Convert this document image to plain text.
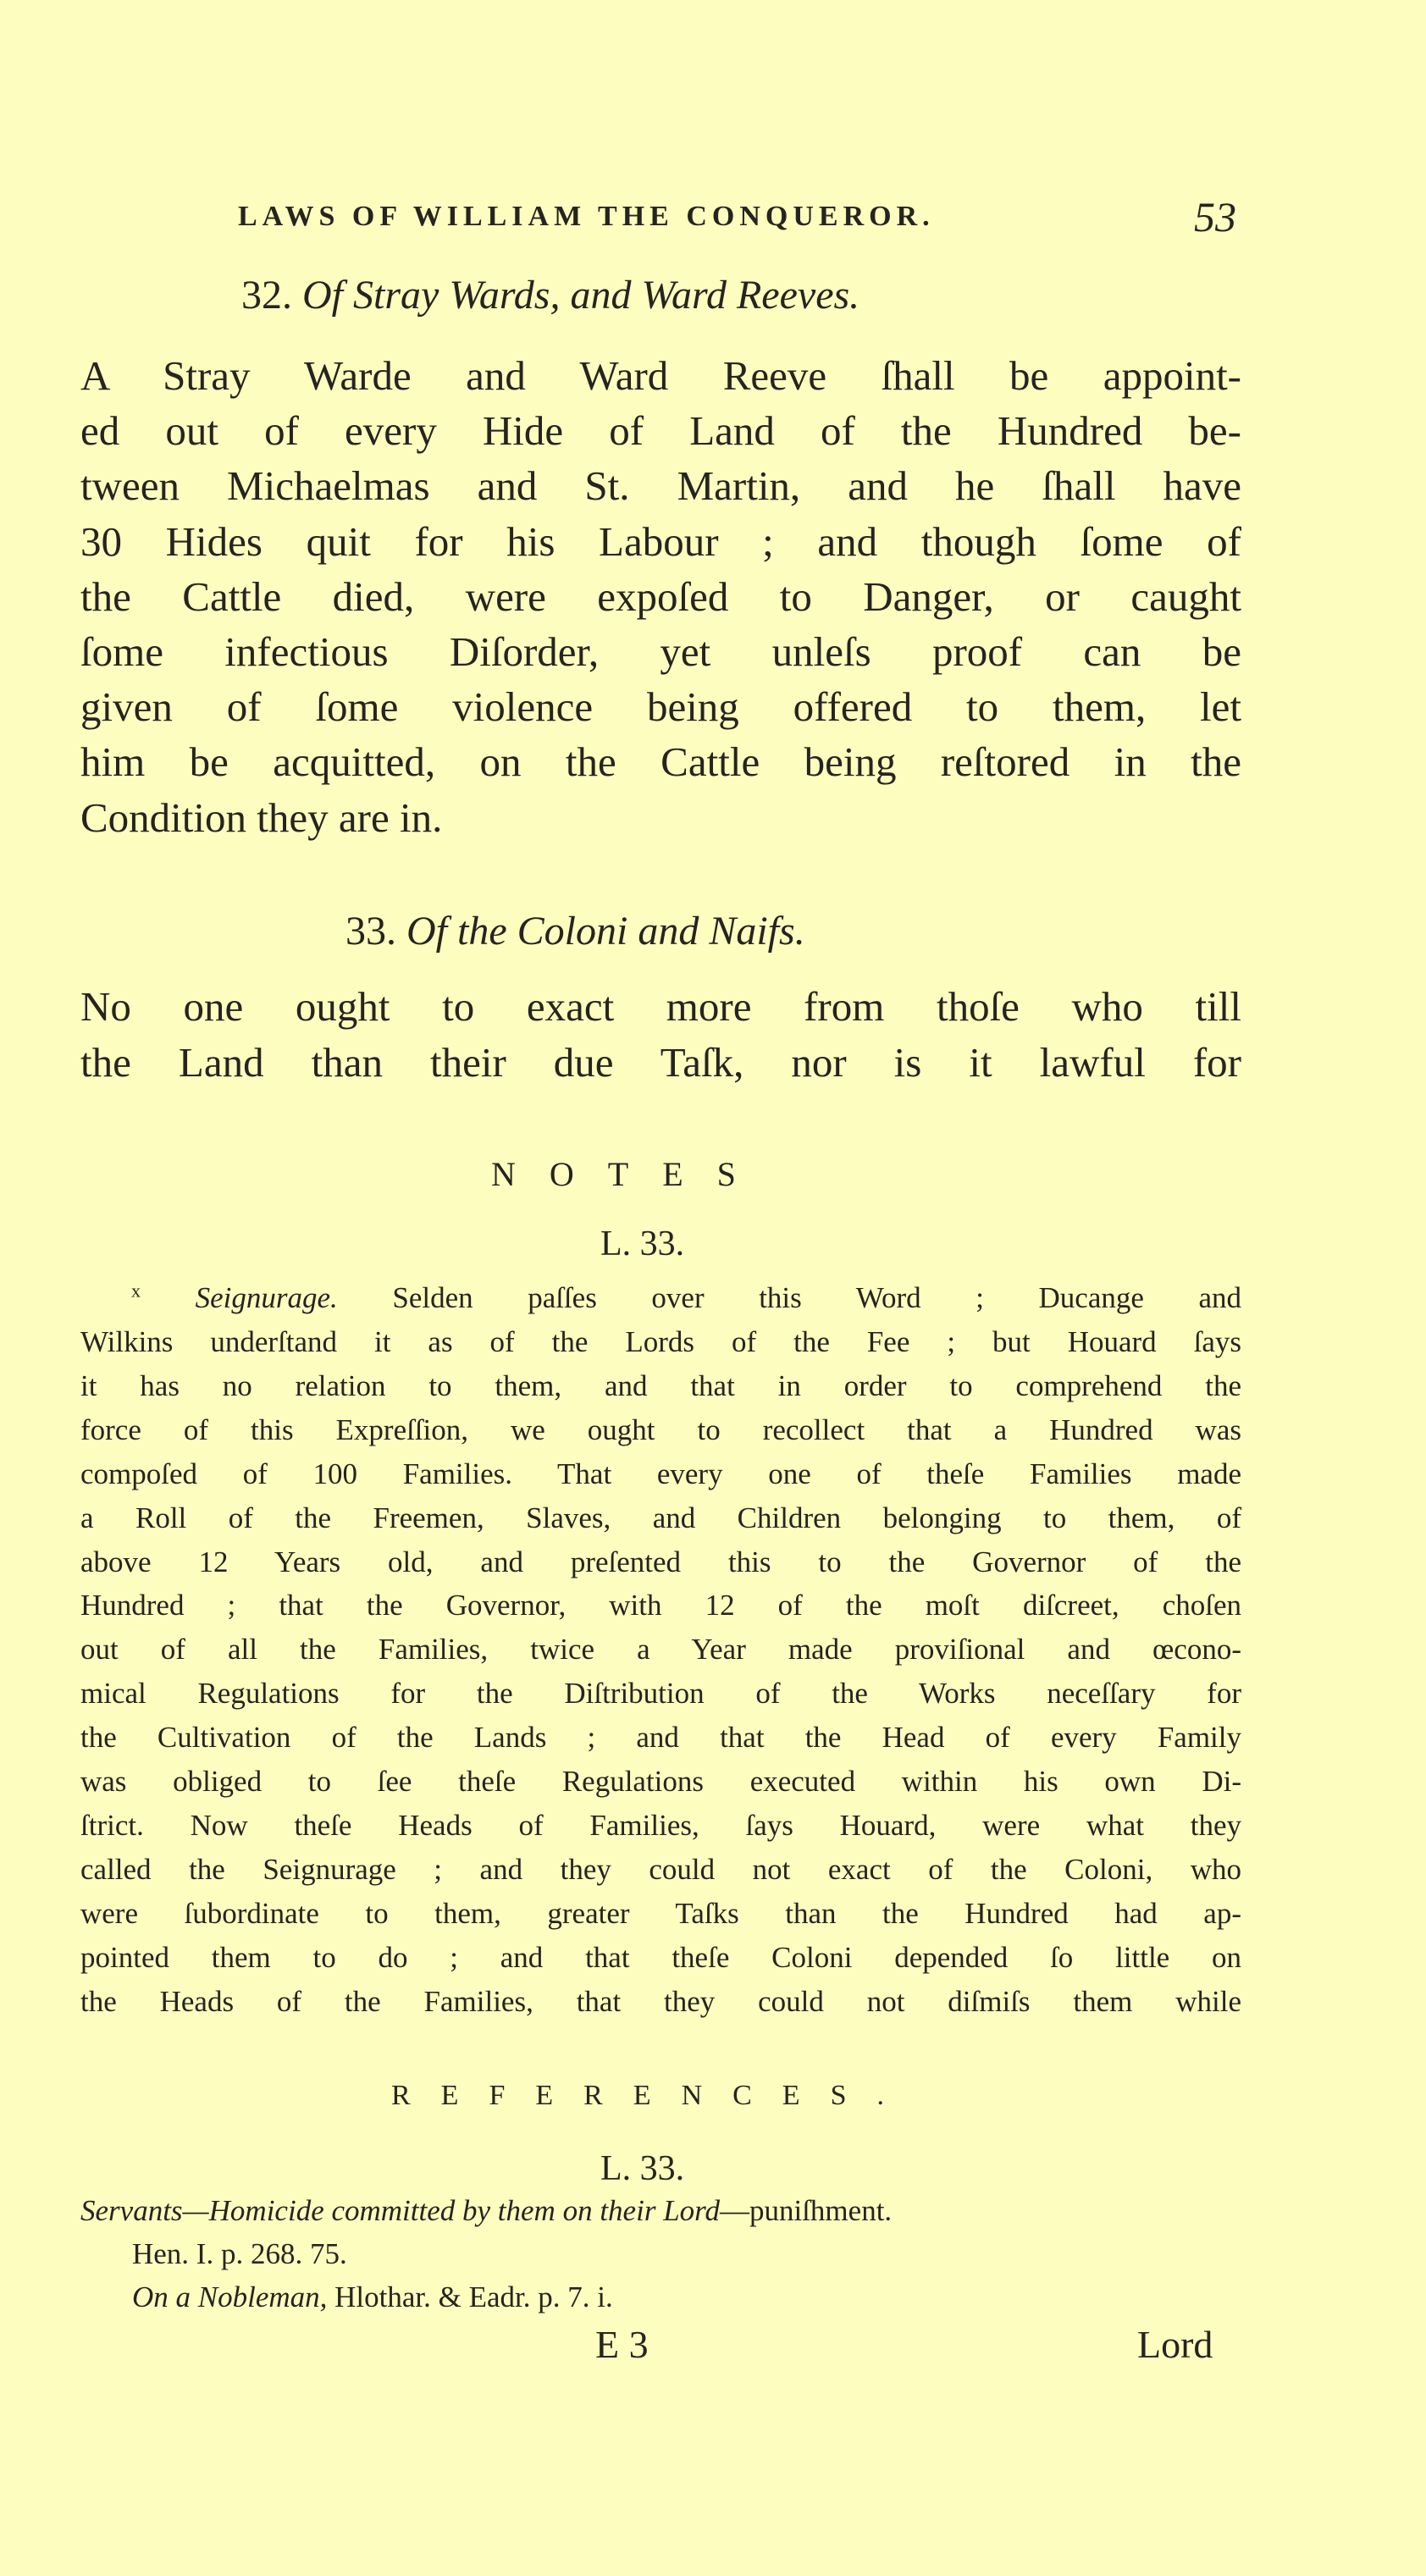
LAWS OF WILLIAM THE CONQUEROR.	53
32. Of Stray Wards, and Ward Reeves.
A Stray Warde and Ward Reeve ſhall be appoint-
ed out of every Hide of Land of the Hundred be-
tween Michaelmas and St. Martin, and he ſhall have
30 Hides quit for his Labour ; and though ſome of
the Cattle died, were expoſed to Danger, or caught
ſome infectious Diſorder, yet unleſs proof can be
given of ſome violence being offered to them, let
him be acquitted, on the Cattle being reſtored in the
Condition they are in.
33. Of the Coloni and Naifs.
No one ought to exact more from thoſe who till
the Land than their due Taſk, nor is it lawful for
NOTES
L. 33.
$^x$ Seignurage. Selden paſſes over this Word ; Ducange and
Wilkins underſtand it as of the Lords of the Fee ; but Houard ſays
it has no relation to them, and that in order to comprehend the
force of this Expreſſion, we ought to recollect that a Hundred was
compoſed of 100 Families. That every one of theſe Families made
a Roll of the Freemen, Slaves, and Children belonging to them, of
above 12 Years old, and preſented this to the Governor of the
Hundred ; that the Governor, with 12 of the moſt diſcreet, choſen
out of all the Families, twice a Year made proviſional and œcono-
mical Regulations for the Diſtribution of the Works neceſſary for
the Cultivation of the Lands ; and that the Head of every Family
was obliged to ſee theſe Regulations executed within his own Di-
ſtrict. Now theſe Heads of Families, ſays Houard, were what they
called the Seignurage ; and they could not exact of the Coloni, who
were ſubordinate to them, greater Taſks than the Hundred had ap-
pointed them to do ; and that theſe Coloni depended ſo little on
the Heads of the Families, that they could not diſmiſs them while
REFERENCES.
L. 33.
Servants—Homicide committed by them on their Lord—puniſhment.
Hen. I. p. 268. 75.
On a Nobleman, Hlothar. & Eadr. p. 7. i.
E 3	Lord
